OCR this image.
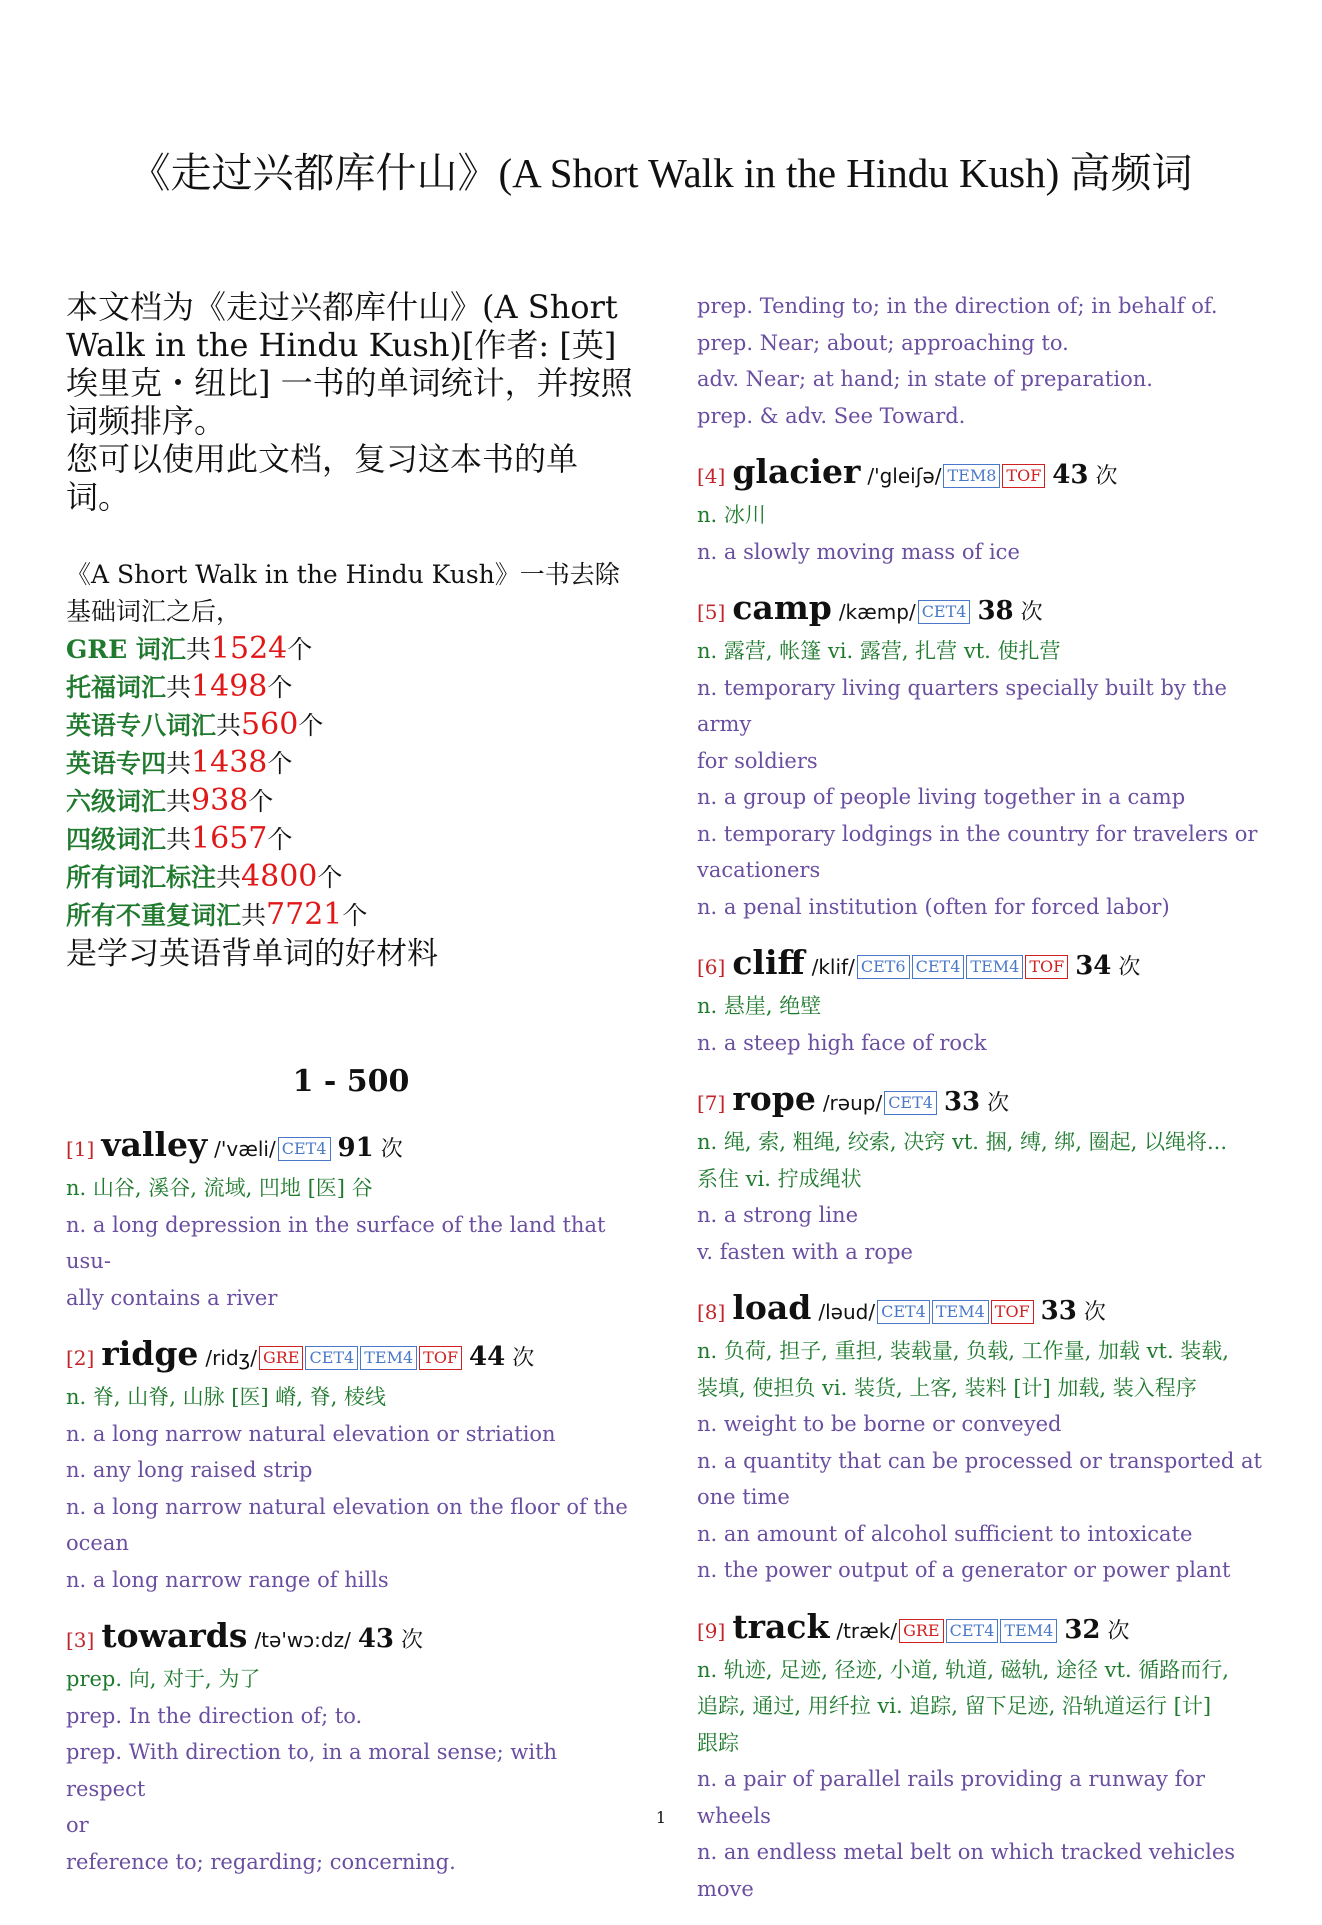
《走过兴都库什山》(A Short Walk in the Hindu Kush) 高频词
本文档为《走过兴都库什山》(A Short Walk in the Hindu Kush)[作者: [英] 埃里克・纽比] 一书的单词统计，并按照词频排序。
您可以使用此文档，复习这本书的单词。
《A Short Walk in the Hindu Kush》一书去除基础词汇之后，
GRE 词汇共1524个
托福词汇共1498个
英语专八词汇共560个
英语专四共1438个
六级词汇共938个
四级词汇共1657个
所有词汇标注共4800个
所有不重复词汇共7721个
是学习英语背单词的好材料
1 - 500
[1] valley /'væli/ CET4 91 次
n. 山谷, 溪谷, 流域, 凹地 [医] 谷
n. a long depression in the surface of the land that usu-
ally contains a river
[2] ridge /ridʒ/ GRE CET4 TEM4 TOF 44 次
n. 脊, 山脊, 山脉 [医] 嵴, 脊, 棱线
n. a long narrow natural elevation or striation
n. any long raised strip
n. a long narrow natural elevation on the floor of the
ocean
n. a long narrow range of hills
[3] towards /tə'wɔ:dz/ 43 次
prep. 向, 对于, 为了
prep. In the direction of; to.
prep. With direction to, in a moral sense; with respect
or
reference to; regarding; concerning.
prep. Tending to; in the direction of; in behalf of.
prep. Near; about; approaching to.
adv. Near; at hand; in state of preparation.
prep. & adv. See Toward.
[4] glacier /'gleiʃə/ TEM8 TOF 43 次
n. 冰川
n. a slowly moving mass of ice
[5] camp /kæmp/ CET4 38 次
n. 露营, 帐篷 vi. 露营, 扎营 vt. 使扎营
n. temporary living quarters specially built by the army
for soldiers
n. a group of people living together in a camp
n. temporary lodgings in the country for travelers or
vacationers
n. a penal institution (often for forced labor)
[6] cliff /klif/ CET6 CET4 TEM4 TOF 34 次
n. 悬崖, 绝壁
n. a steep high face of rock
[7] rope /rəup/ CET4 33 次
n. 绳, 索, 粗绳, 绞索, 决窍 vt. 捆, 缚, 绑, 圈起, 以绳将...
系住 vi. 拧成绳状
n. a strong line
v. fasten with a rope
[8] load /ləud/ CET4 TEM4 TOF 33 次
n. 负荷, 担子, 重担, 装载量, 负载, 工作量, 加载 vt. 装载,
装填, 使担负 vi. 装货, 上客, 装料 [计] 加载, 装入程序
n. weight to be borne or conveyed
n. a quantity that can be processed or transported at
one time
n. an amount of alcohol sufficient to intoxicate
n. the power output of a generator or power plant
[9] track /træk/ GRE CET4 TEM4 32 次
n. 轨迹, 足迹, 径迹, 小道, 轨道, 磁轨, 途径 vt. 循路而行,
追踪, 通过, 用纤拉 vi. 追踪, 留下足迹, 沿轨道运行 [计]
跟踪
n. a pair of parallel rails providing a runway for wheels
n. an endless metal belt on which tracked vehicles move
1
